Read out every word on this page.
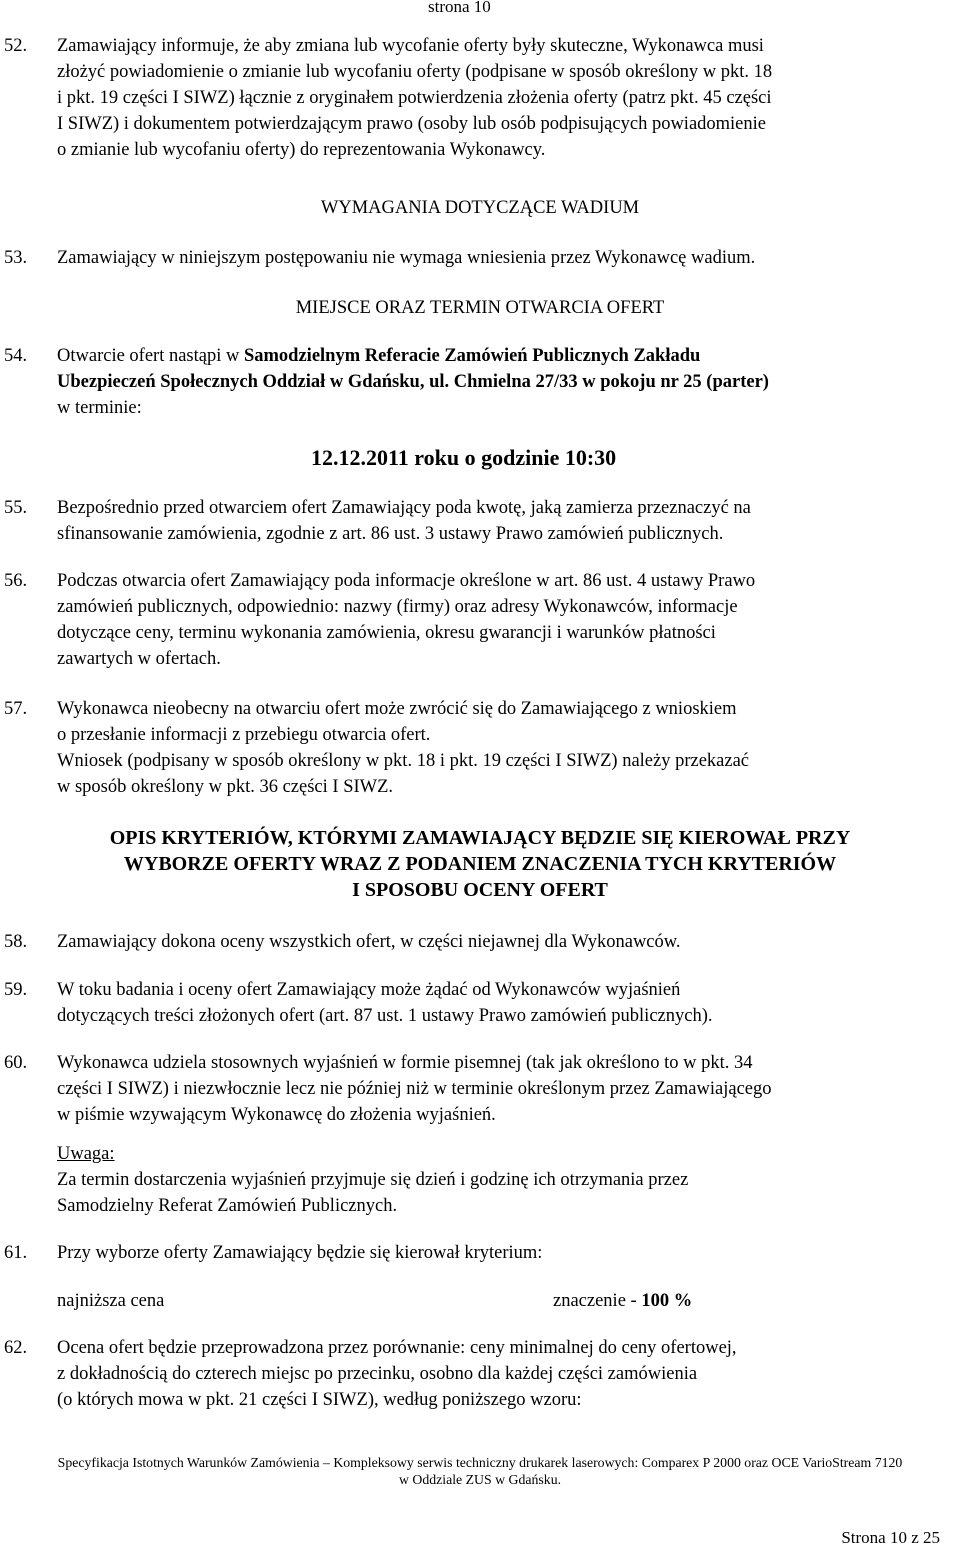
strona 10
52. Zamawiający informuje, że aby zmiana lub wycofanie oferty były skuteczne, Wykonawca musi
złożyć powiadomienie o zmianie lub wycofaniu oferty (podpisane w sposób określony w pkt. 18
i pkt. 19 części I SIWZ) łącznie z oryginałem potwierdzenia złożenia oferty (patrz pkt. 45 części
I SIWZ) i dokumentem potwierdzającym prawo (osoby lub osób podpisujących powiadomienie
o zmianie lub wycofaniu oferty) do reprezentowania Wykonawcy.
WYMAGANIA DOTYCZĄCE WADIUM
53. Zamawiający w niniejszym postępowaniu nie wymaga wniesienia przez Wykonawcę wadium.
MIEJSCE ORAZ TERMIN OTWARCIA OFERT
54. Otwarcie ofert nastąpi w Samodzielnym Referacie Zamówień Publicznych Zakładu
Ubezpieczeń Społecznych Oddział w Gdańsku, ul. Chmielna 27/33 w pokoju nr 25 (parter)
w terminie:
12.12.2011 roku o godzinie 10:30
55. Bezpośrednio przed otwarciem ofert Zamawiający poda kwotę, jaką zamierza przeznaczyć na
sfinansowanie zamówienia, zgodnie z art. 86 ust. 3 ustawy Prawo zamówień publicznych.
56. Podczas otwarcia ofert Zamawiający poda informacje określone w art. 86 ust. 4 ustawy Prawo
zamówień publicznych, odpowiednio: nazwy (firmy) oraz adresy Wykonawców, informacje
dotyczące ceny, terminu wykonania zamówienia, okresu gwarancji i warunków płatności
zawartych w ofertach.
57. Wykonawca nieobecny na otwarciu ofert może zwrócić się do Zamawiającego z wnioskiem
o przesłanie informacji z przebiegu otwarcia ofert.
Wniosek (podpisany w sposób określony w pkt. 18 i pkt. 19 części I SIWZ) należy przekazać
w sposób określony w pkt. 36 części I SIWZ.
OPIS KRYTERIÓW, KTÓRYMI ZAMAWIAJĄCY BĘDZIE SIĘ KIEROWAŁ PRZY
WYBORZE OFERTY WRAZ Z PODANIEM ZNACZENIA TYCH KRYTERIÓW
I SPOSOBU OCENY OFERT
58. Zamawiający dokona oceny wszystkich ofert, w części niejawnej dla Wykonawców.
59. W toku badania i oceny ofert Zamawiający może żądać od Wykonawców wyjaśnień
dotyczących treści złożonych ofert (art. 87 ust. 1 ustawy Prawo zamówień publicznych).
60. Wykonawca udziela stosownych wyjaśnień w formie pisemnej (tak jak określono to w pkt. 34
części I SIWZ) i niezwłocznie lecz nie później niż w terminie określonym przez Zamawiającego
w piśmie wzywającym Wykonawcę do złożenia wyjaśnień.
Uwaga:
Za termin dostarczenia wyjaśnień przyjmuje się dzień i godzinę ich otrzymania przez
Samodzielny Referat Zamówień Publicznych.
61. Przy wyborze oferty Zamawiający będzie się kierował kryterium:
najniższa cena	znaczenie - 100 %
62. Ocena ofert będzie przeprowadzona przez porównanie: ceny minimalnej do ceny ofertowej,
z dokładnością do czterech miejsc po przecinku, osobno dla każdej części zamówienia
(o których mowa w pkt. 21 części I SIWZ), według poniższego wzoru:
Specyfikacja Istotnych Warunków Zamówienia – Kompleksowy serwis techniczny drukarek laserowych: Comparex P 2000 oraz OCE VarioStream 7120
w Oddziale ZUS w Gdańsku.
Strona 10 z 25
